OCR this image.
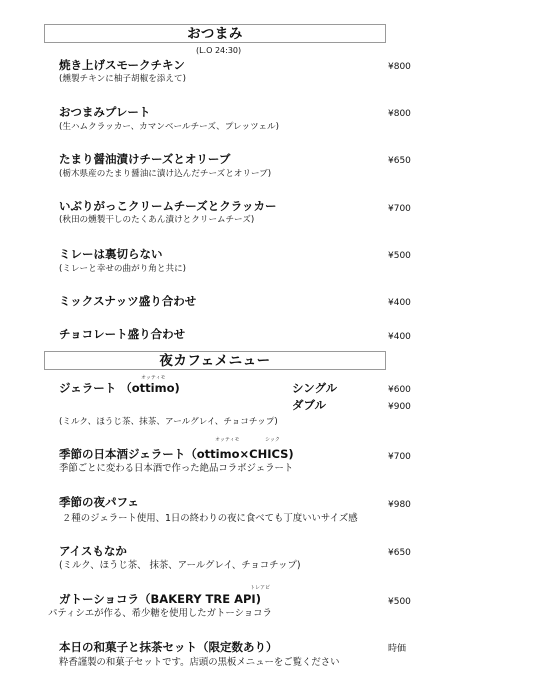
おつまみ
(L.O 24:30)
焼き上げスモークチキン
(燻製チキンに柚子胡椒を添えて)
¥800
おつまみプレート
(生ハムクラッカー、カマンベールチーズ、プレッツェル)
¥800
たまり醤油漬けチーズとオリーブ
(栃木県産のたまり醤油に漬け込んだチーズとオリーブ)
¥650
いぶりがっこクリームチーズとクラッカー
(秋田の燻製干しのたくあん漬けとクリームチーズ)
¥700
ミレーは裏切らない
(ミレーと幸せの曲がり角と共に)
¥500
ミックスナッツ盛り合わせ	¥400
チョコレート盛り合わせ	¥400
夜カフェメニュー
オッティモ
ジェラート （ottimo)	シングル	¥600
ダブル	¥900
(ミルク、ほうじ茶、抹茶、アールグレイ、チョコチップ)
オッティモ	シック
季節の日本酒ジェラート（ottimo×CHICS)
季節ごとに変わる日本酒で作った絶品コラボジェラート
¥700
季節の夜パフェ
２種のジェラート使用、1日の終わりの夜に食べても丁度いいサイズ感
¥980
アイスもなか
(ミルク、ほうじ茶、 抹茶、アールグレイ、チョコチップ)
¥650
トレアピ
ガトーショコラ（BAKERY TRE API)
パティシエが作る、希少糖を使用したガトーショコラ
¥500
本日の和菓子と抹茶セット（限定数あり）
粋香謹製の和菓子セットです。店頭の黒板メニューをご覧ください
時価
